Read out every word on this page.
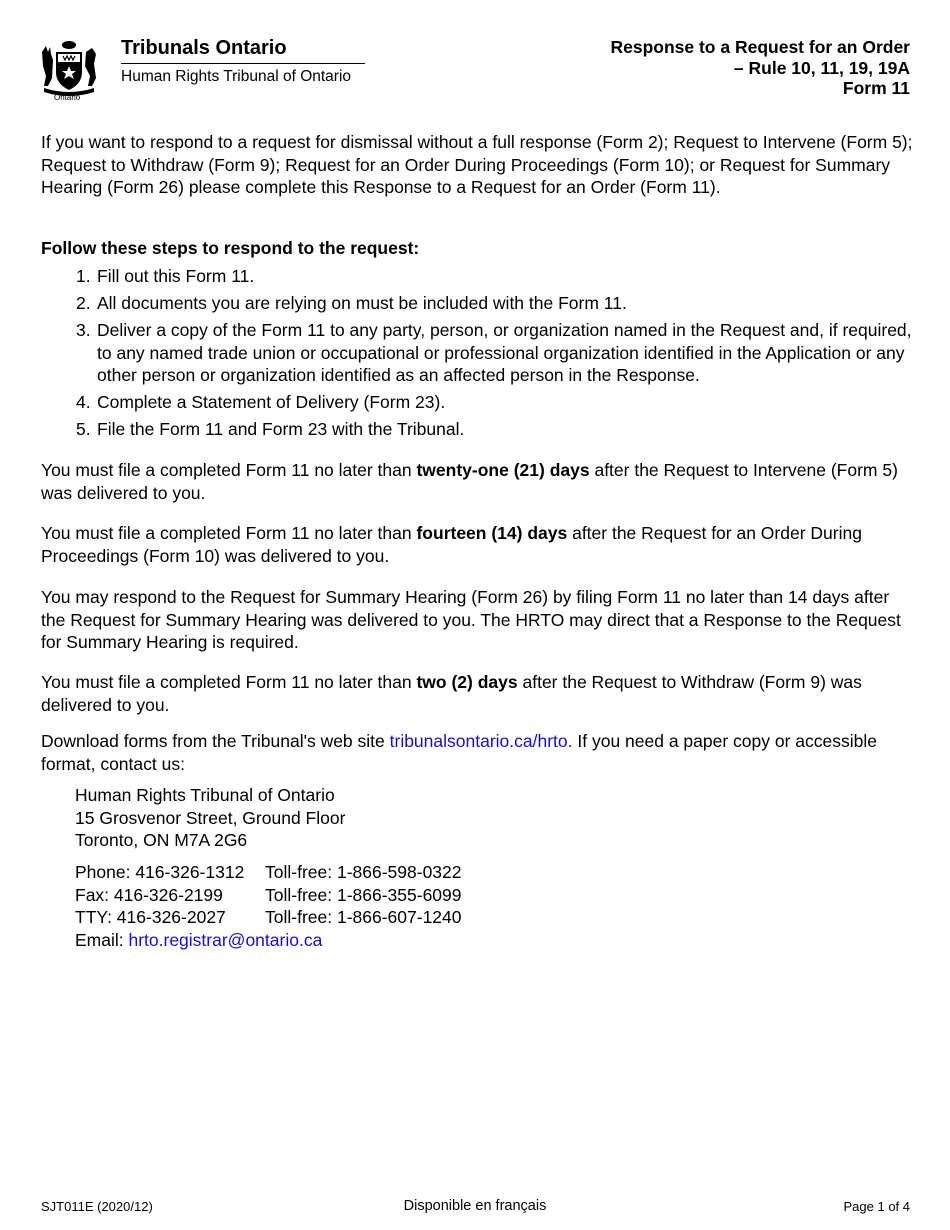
Ontario
Tribunals Ontario
Human Rights Tribunal of Ontario
Response to a Request for an Order
– Rule 10, 11, 19, 19A
Form 11
If you want to respond to a request for dismissal without a full response (Form 2); Request to Intervene (Form 5); Request to Withdraw (Form 9); Request for an Order During Proceedings (Form 10); or Request for Summary Hearing (Form 26) please complete this Response to a Request for an Order (Form 11).
Follow these steps to respond to the request:
1. Fill out this Form 11.
2. All documents you are relying on must be included with the Form 11.
3. Deliver a copy of the Form 11 to any party, person, or organization named in the Request and, if required, to any named trade union or occupational or professional organization identified in the Application or any other person or organization identified as an affected person in the Response.
4. Complete a Statement of Delivery (Form 23).
5. File the Form 11 and Form 23 with the Tribunal.
You must file a completed Form 11 no later than twenty-one (21) days after the Request to Intervene (Form 5) was delivered to you.
You must file a completed Form 11 no later than fourteen (14) days after the Request for an Order During Proceedings (Form 10) was delivered to you.
You may respond to the Request for Summary Hearing (Form 26) by filing Form 11 no later than 14 days after the Request for Summary Hearing was delivered to you. The HRTO may direct that a Response to the Request for Summary Hearing is required.
You must file a completed Form 11 no later than two (2) days after the Request to Withdraw (Form 9) was delivered to you.
Download forms from the Tribunal's web site tribunalsontario.ca/hrto. If you need a paper copy or accessible format, contact us:
Human Rights Tribunal of Ontario
15 Grosvenor Street, Ground Floor
Toronto, ON M7A 2G6
Phone: 416-326-1312	Toll-free: 1-866-598-0322
Fax: 416-326-2199	Toll-free: 1-866-355-6099
TTY: 416-326-2027	Toll-free: 1-866-607-1240
Email: hrto.registrar@ontario.ca
SJT011E (2020/12)	Disponible en français	Page 1 of 4
